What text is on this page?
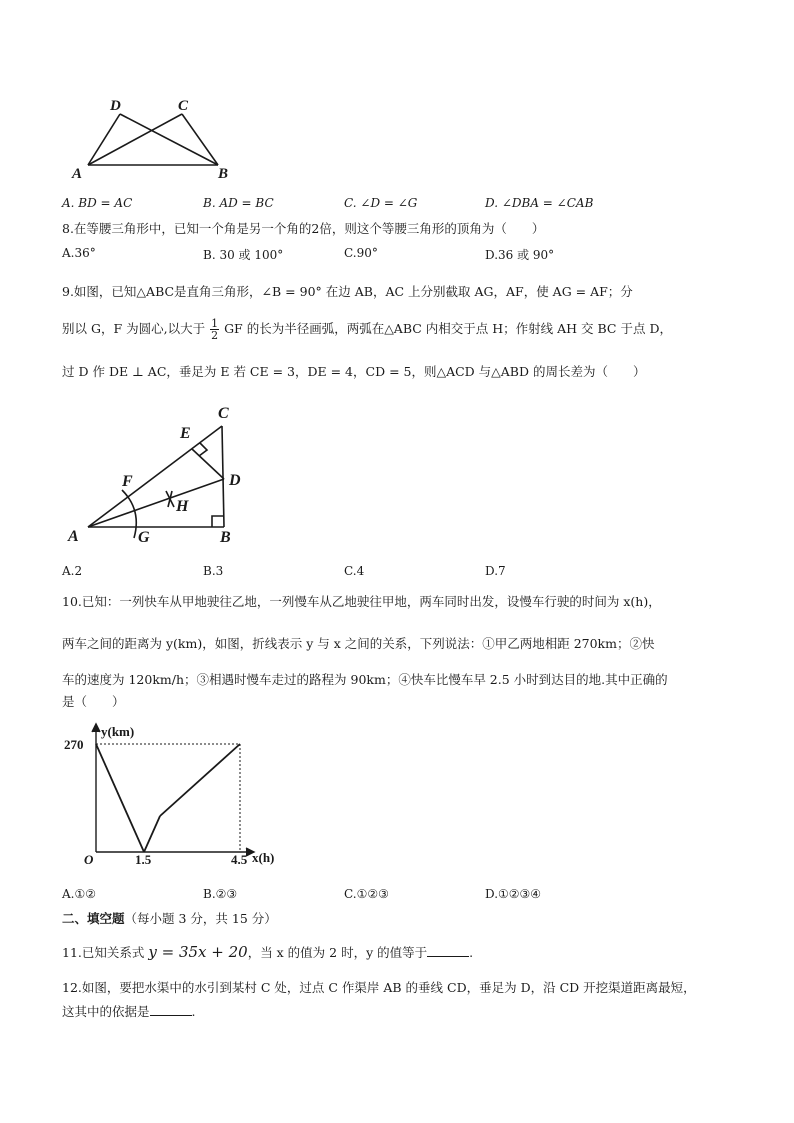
D	C
A	B
A. BD = AC	B. AD = BC	C. ∠D = ∠G	D. ∠DBA = ∠CAB
8.在等腰三角形中，已知一个角是另一个角的2倍，则这个等腰三角形的顶角为（　　）
A.36°	B. 30 或 100°	C.90°	D.36 或 90°
9.如图，已知△ABC是直角三角形，∠B = 90° 在边 AB，AC 上分别截取 AG，AF，使 AG = AF；分
别以 G，F 为圆心,以大于 $\frac{1}{2}$ GF 的长为半径画弧，两弧在△ABC 内相交于点 H；作射线 AH 交 BC 于点 D，
过 D 作 DE ⊥ AC，垂足为 E 若 CE = 3，DE = 4，CD = 5，则△ACD 与△ABD 的周长差为（　　）
C
E
D
F
H
A	G	B
A.2	B.3	C.4	D.7
10.已知：一列快车从甲地驶往乙地，一列慢车从乙地驶往甲地，两车同时出发，设慢车行驶的时间为 x(h)，
两车之间的距离为 y(km)，如图，折线表示 y 与 x 之间的关系，下列说法：①甲乙两地相距 270km；②快
车的速度为 120km/h；③相遇时慢车走过的路程为 90km；④快车比慢车早 2.5 小时到达目的地.其中正确的
是（　　）
1.5	4.5
270
y(km)
x(h)
O
A.①②	B.②③	C.①②③	D.①②③④
二、填空题（每小题 3 分，共 15 分）
11.已知关系式 y = 35x + 20，当 x 的值为 2 时，y 的值等于	.
12.如图，要把水渠中的水引到某村 C 处，过点 C 作渠岸 AB 的垂线 CD，垂足为 D，沿 CD 开挖渠道距离最短，
这其中的依据是	.
